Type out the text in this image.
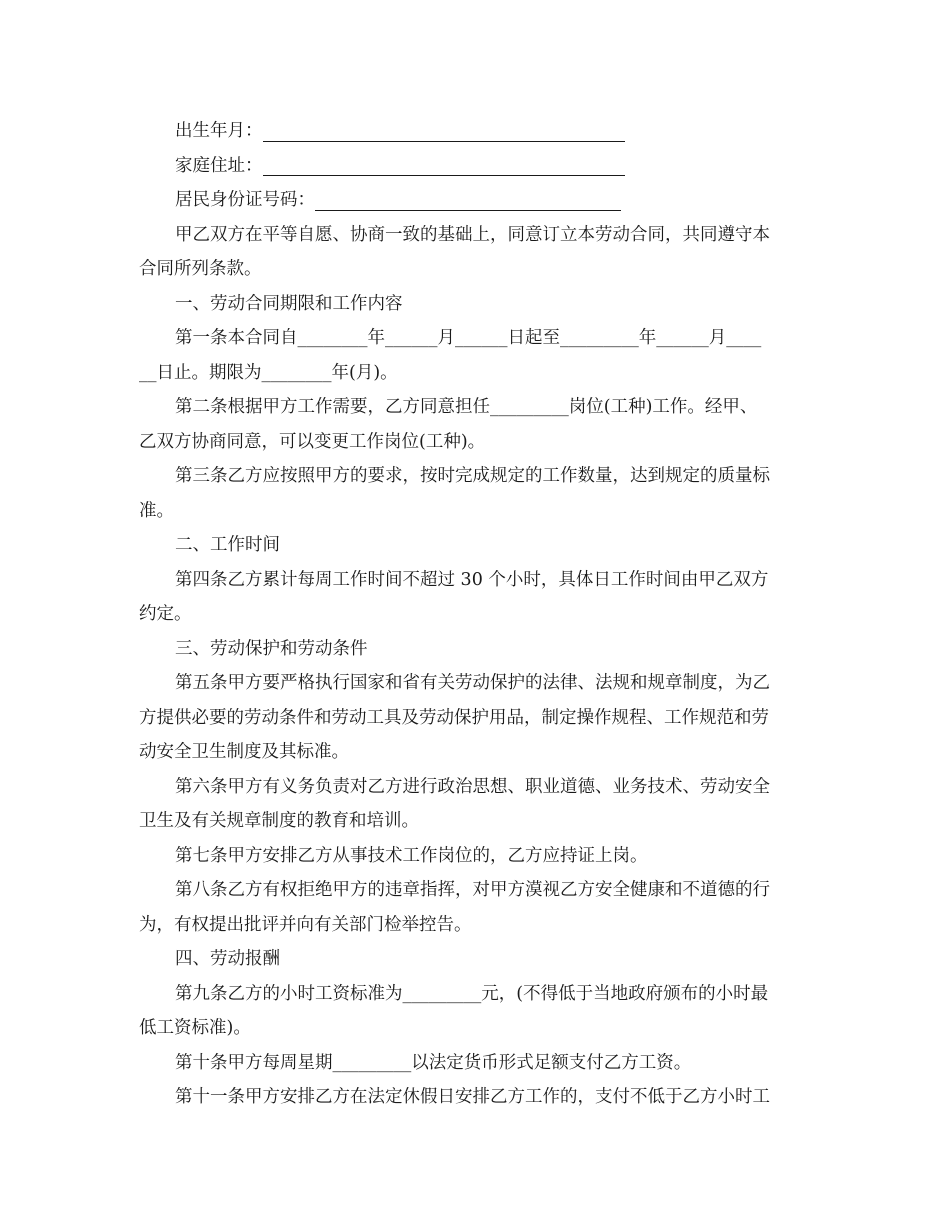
出生年月：
家庭住址：
居民身份证号码：
甲乙双方在平等自愿、协商一致的基础上，同意订立本劳动合同，共同遵守本
合同所列条款。
一、劳动合同期限和工作内容
第一条本合同自________年______月______日起至_________年______月____
__日止。期限为________年(月)。
第二条根据甲方工作需要，乙方同意担任_________岗位(工种)工作。经甲、
乙双方协商同意，可以变更工作岗位(工种)。
第三条乙方应按照甲方的要求，按时完成规定的工作数量，达到规定的质量标
准。
二、工作时间
第四条乙方累计每周工作时间不超过 30 个小时，具体日工作时间由甲乙双方
约定。
三、劳动保护和劳动条件
第五条甲方要严格执行国家和省有关劳动保护的法律、法规和规章制度，为乙
方提供必要的劳动条件和劳动工具及劳动保护用品，制定操作规程、工作规范和劳
动安全卫生制度及其标准。
第六条甲方有义务负责对乙方进行政治思想、职业道德、业务技术、劳动安全
卫生及有关规章制度的教育和培训。
第七条甲方安排乙方从事技术工作岗位的，乙方应持证上岗。
第八条乙方有权拒绝甲方的违章指挥，对甲方漠视乙方安全健康和不道德的行
为，有权提出批评并向有关部门检举控告。
四、劳动报酬
第九条乙方的小时工资标准为_________元，(不得低于当地政府颁布的小时最
低工资标准)。
第十条甲方每周星期_________以法定货币形式足额支付乙方工资。
第十一条甲方安排乙方在法定休假日安排乙方工作的，支付不低于乙方小时工
